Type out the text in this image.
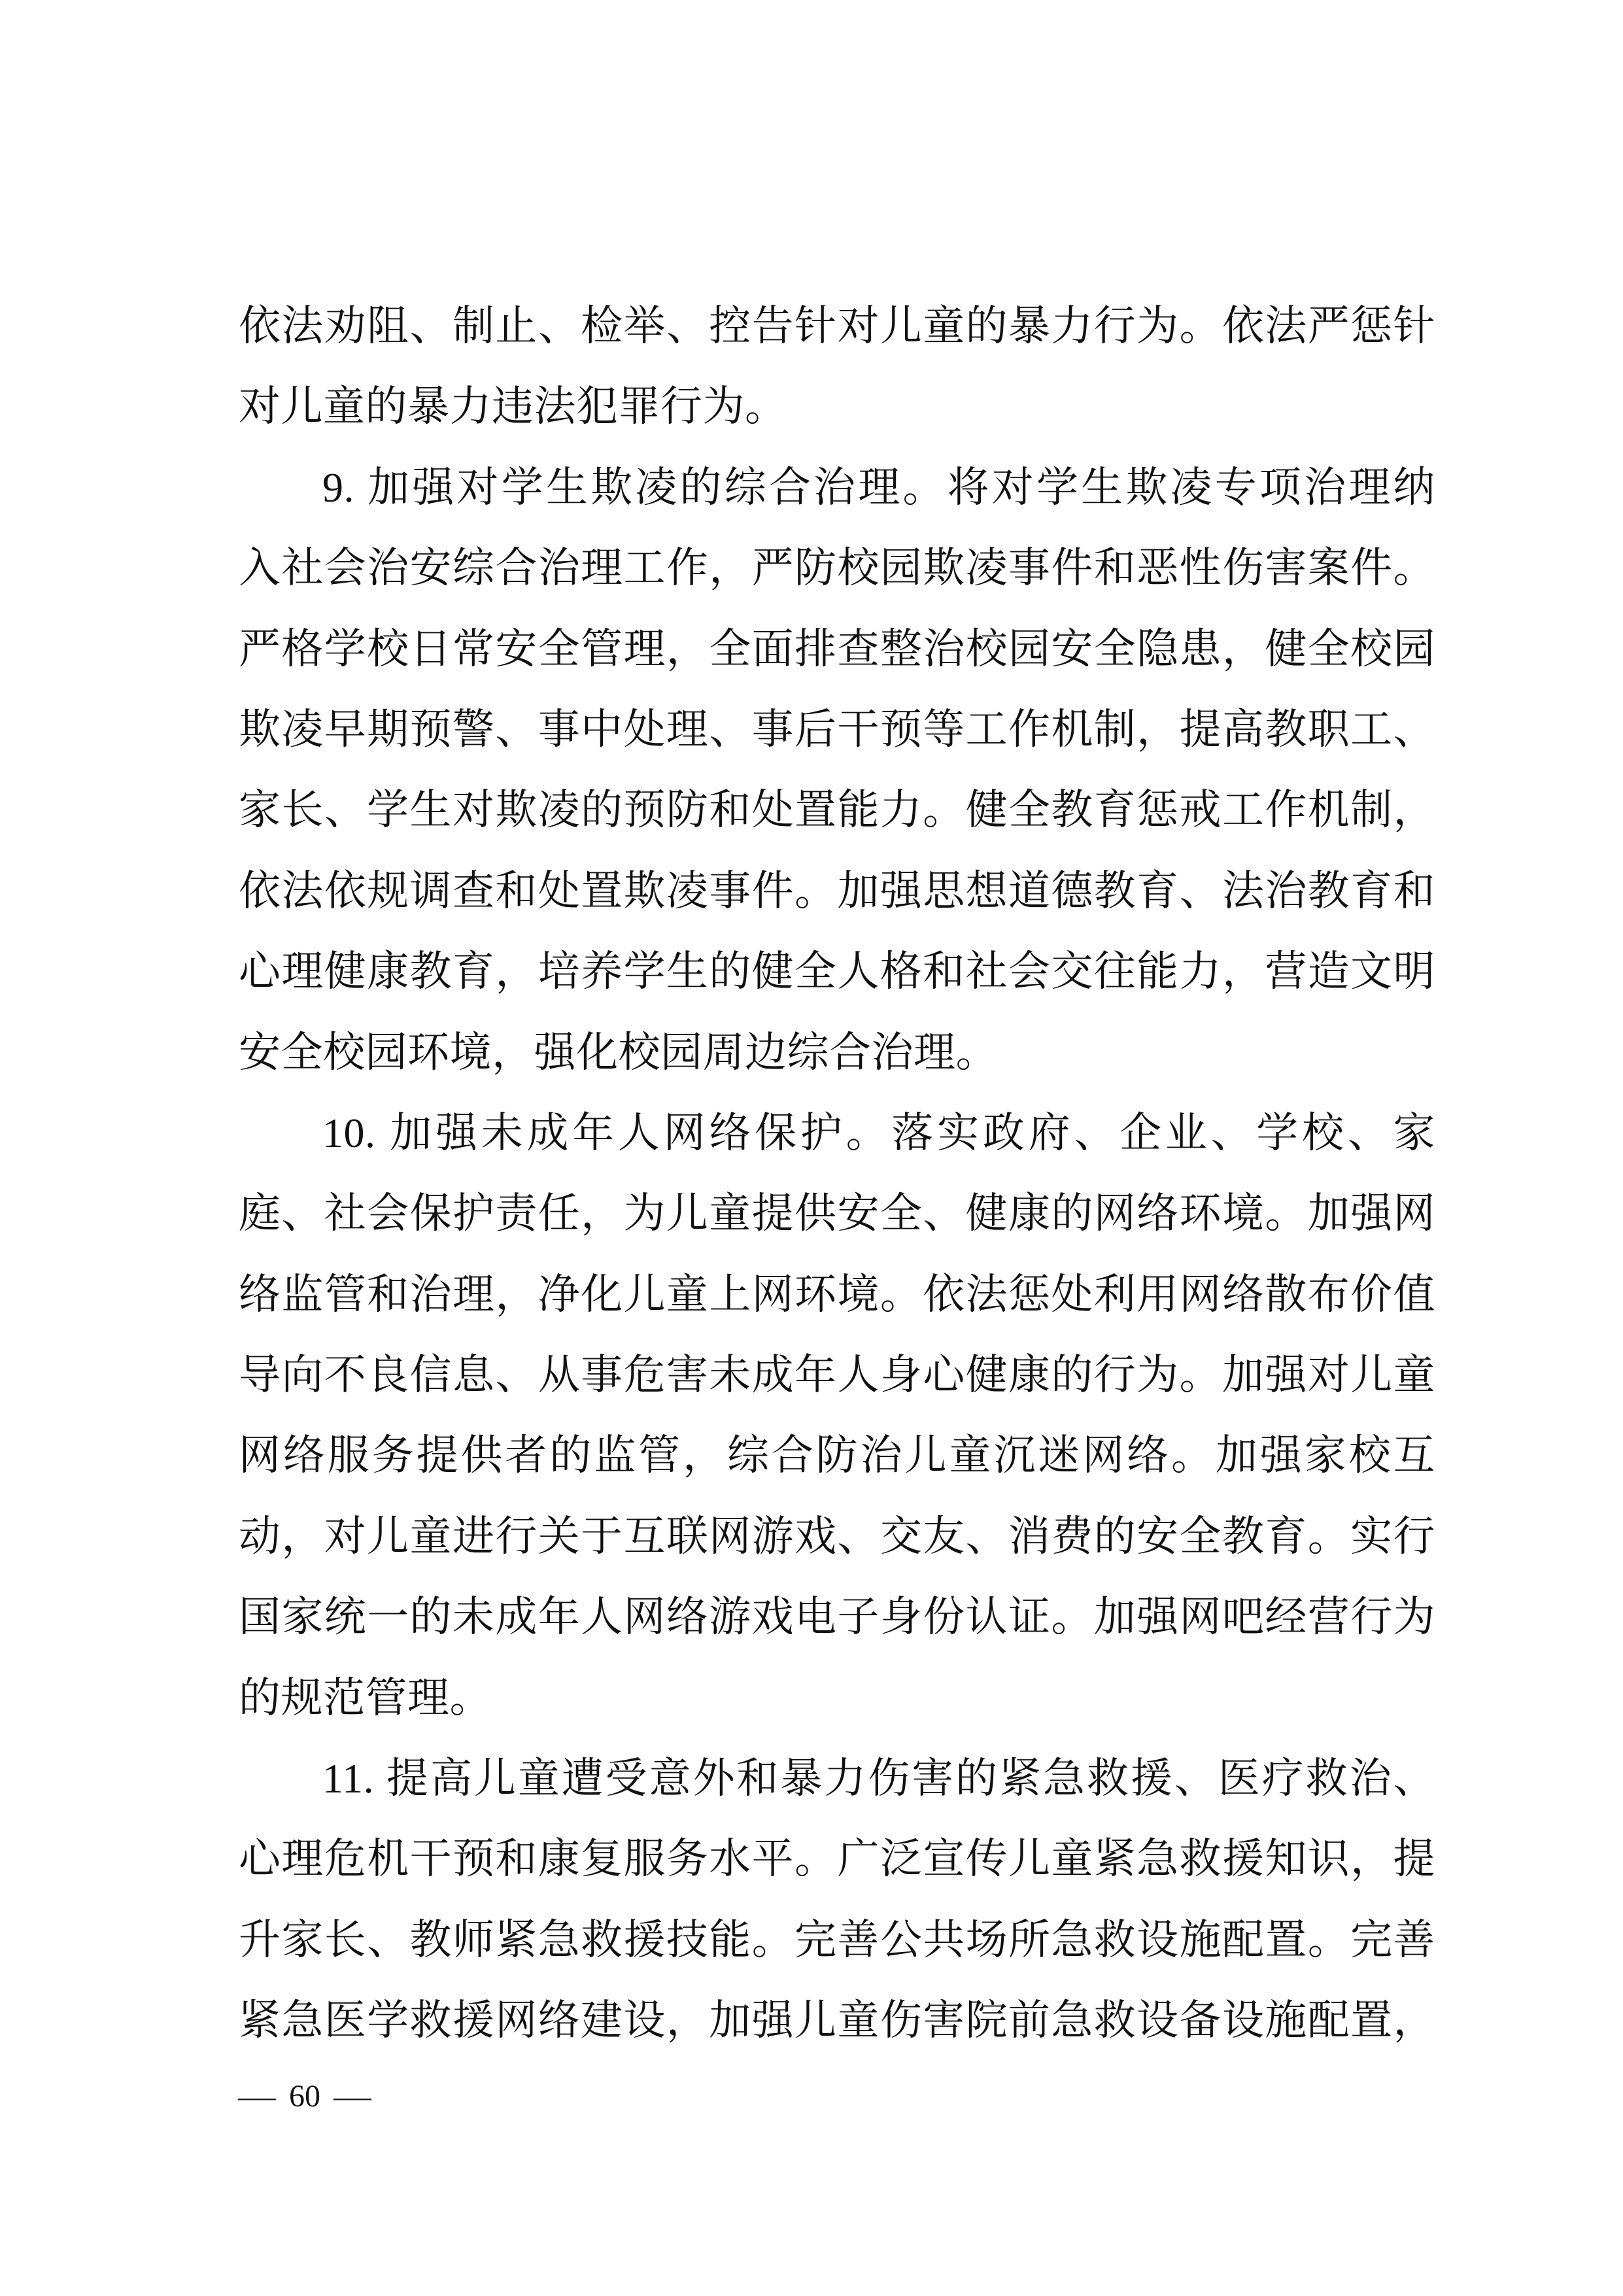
依法劝阻、制止、检举、控告针对儿童的暴力行为。依法严惩针
对儿童的暴力违法犯罪行为。
9. 加强对学生欺凌的综合治理。将对学生欺凌专项治理纳
入社会治安综合治理工作，严防校园欺凌事件和恶性伤害案件。
严格学校日常安全管理，全面排查整治校园安全隐患，健全校园
欺凌早期预警、事中处理、事后干预等工作机制，提高教职工、
家长、学生对欺凌的预防和处置能力。健全教育惩戒工作机制，
依法依规调查和处置欺凌事件。加强思想道德教育、法治教育和
心理健康教育，培养学生的健全人格和社会交往能力，营造文明
安全校园环境，强化校园周边综合治理。
10. 加强未成年人网络保护。落实政府、企业、学校、家
庭、社会保护责任，为儿童提供安全、健康的网络环境。加强网
络监管和治理，净化儿童上网环境。依法惩处利用网络散布价值
导向不良信息、从事危害未成年人身心健康的行为。加强对儿童
网络服务提供者的监管，综合防治儿童沉迷网络。加强家校互
动，对儿童进行关于互联网游戏、交友、消费的安全教育。实行
国家统一的未成年人网络游戏电子身份认证。加强网吧经营行为
的规范管理。
11. 提高儿童遭受意外和暴力伤害的紧急救援、医疗救治、
心理危机干预和康复服务水平。广泛宣传儿童紧急救援知识，提
升家长、教师紧急救援技能。完善公共场所急救设施配置。完善
紧急医学救援网络建设，加强儿童伤害院前急救设备设施配置，
— 60 —
